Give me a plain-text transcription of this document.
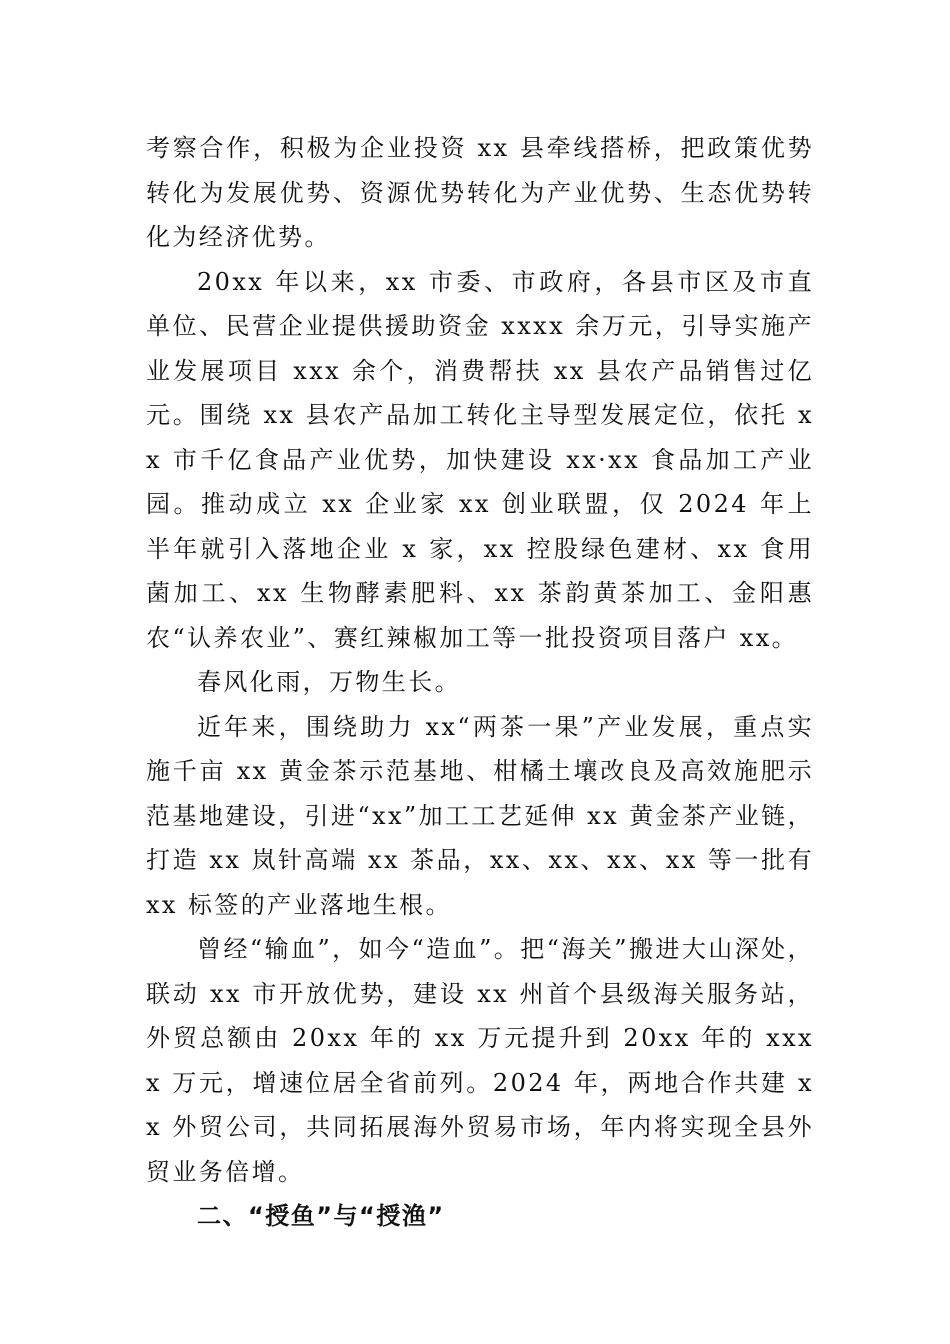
考察合作，积极为企业投资 xx 县牵线搭桥，把政策优势转化为发展优势、资源优势转化为产业优势、生态优势转化为经济优势。

20xx 年以来，xx 市委、市政府，各县市区及市直单位、民营企业提供援助资金 xxxx 余万元，引导实施产业发展项目 xxx 余个，消费帮扶 xx 县农产品销售过亿元。围绕 xx 县农产品加工转化主导型发展定位，依托 xx 市千亿食品产业优势，加快建设 xx·xx 食品加工产业园。推动成立 xx 企业家 xx 创业联盟，仅 2024 年上半年就引入落地企业 x 家，xx 控股绿色建材、xx 食用菌加工、xx 生物酵素肥料、xx 茶韵黄茶加工、金阳惠农“认养农业”、赛红辣椒加工等一批投资项目落户 xx。

春风化雨，万物生长。

近年来，围绕助力 xx“两茶一果”产业发展，重点实施千亩 xx 黄金茶示范基地、柑橘土壤改良及高效施肥示范基地建设，引进“xx”加工工艺延伸 xx 黄金茶产业链，打造 xx 岚针高端 xx 茶品，xx、xx、xx、xx 等一批有 xx 标签的产业落地生根。

曾经“输血”，如今“造血”。把“海关”搬进大山深处，联动 xx 市开放优势，建设 xx 州首个县级海关服务站，外贸总额由 20xx 年的 xx 万元提升到 20xx 年的 xxxx 万元，增速位居全省前列。2024 年，两地合作共建 xx 外贸公司，共同拓展海外贸易市场，年内将实现全县外贸业务倍增。

二、“授鱼”与“授渔”
